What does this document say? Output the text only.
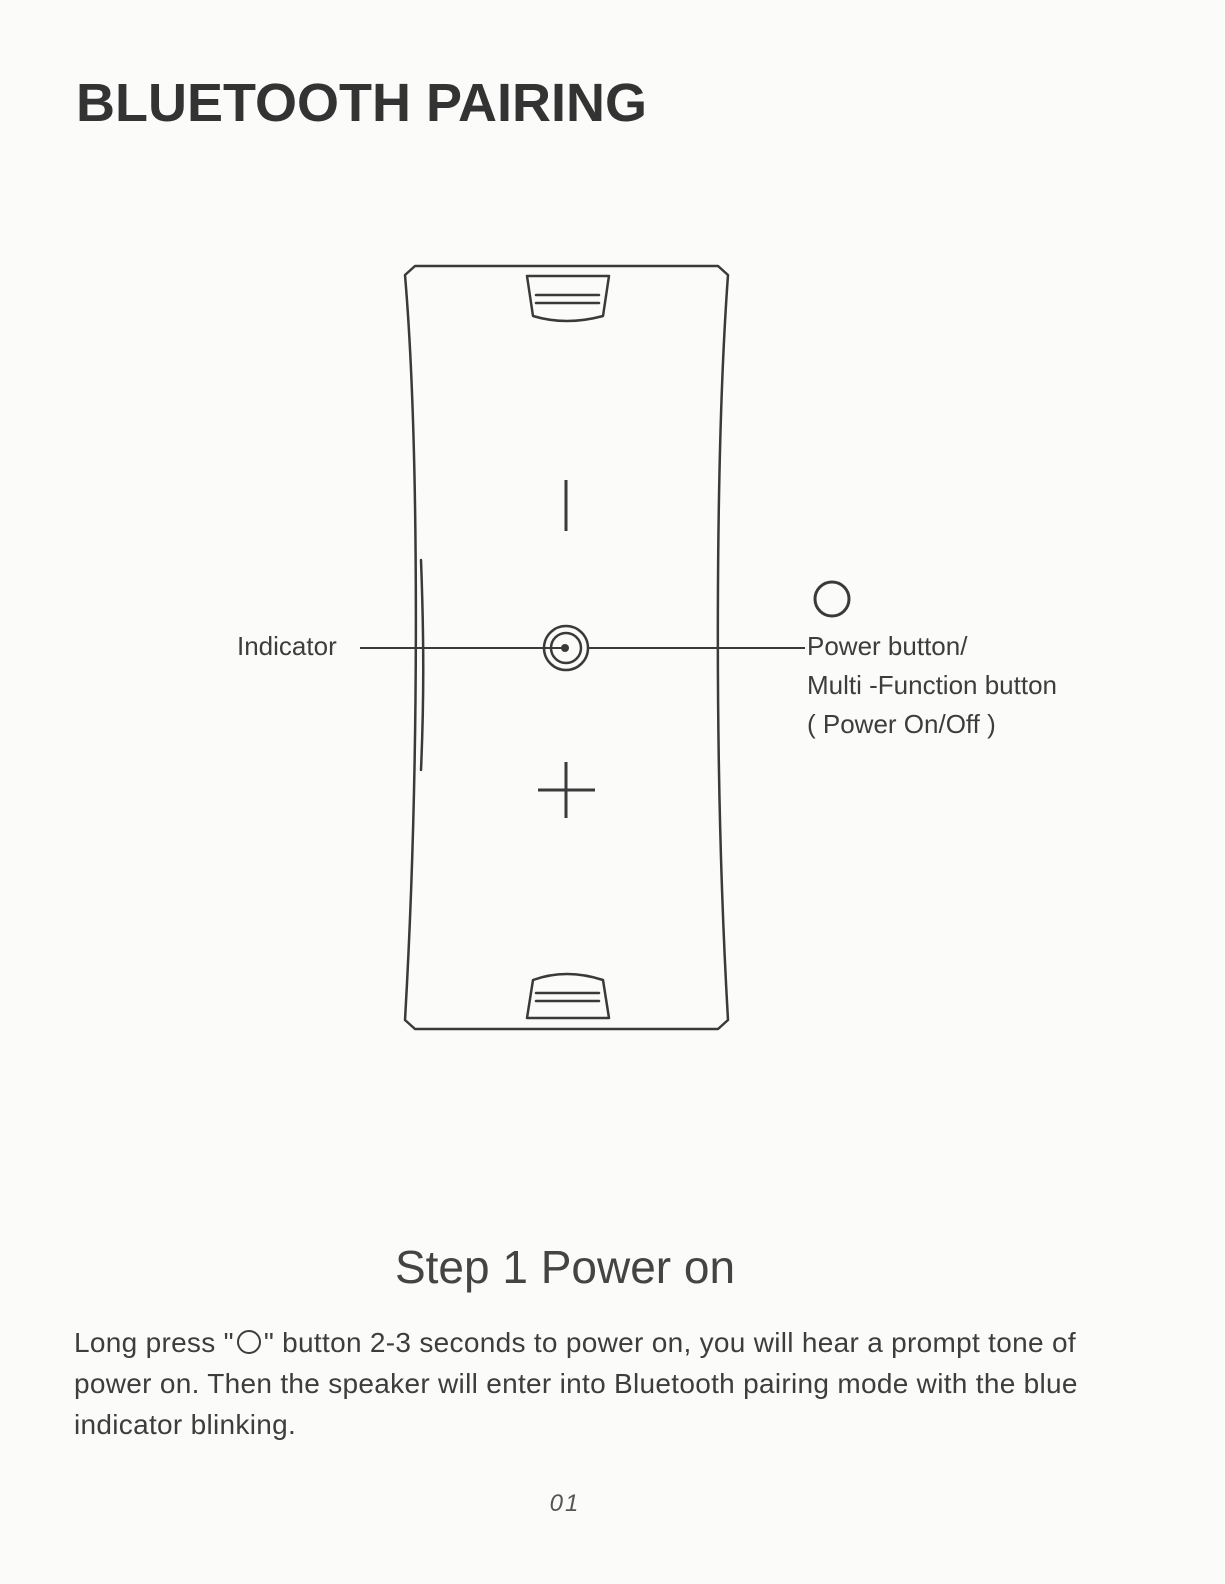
BLUETOOTH PAIRING
Indicator	Power button/
Multi -Function button
( Power On/Off )
Step 1 Power on

Long press " " button 2-3 seconds to power on, you will hear a prompt tone of power on. Then the speaker will enter into Bluetooth pairing mode with the blue indicator blinking.

01
